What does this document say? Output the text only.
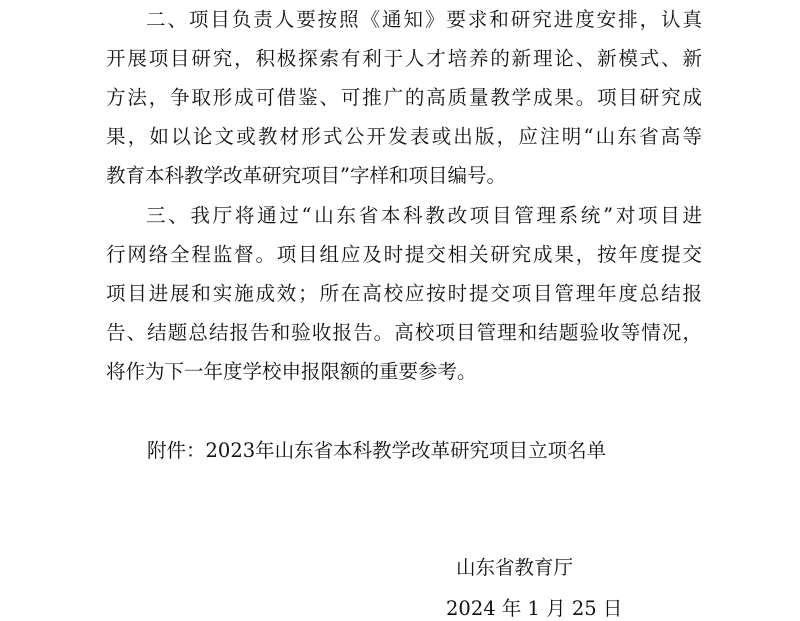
二、项目负责人要按照《通知》要求和研究进度安排，认真
开展项目研究，积极探索有利于人才培养的新理论、新模式、新
方法，争取形成可借鉴、可推广的高质量教学成果。项目研究成
果，如以论文或教材形式公开发表或出版，应注明“山东省高等
教育本科教学改革研究项目”字样和项目编号。
三、我厅将通过“山东省本科教改项目管理系统”对项目进
行网络全程监督。项目组应及时提交相关研究成果，按年度提交
项目进展和实施成效；所在高校应按时提交项目管理年度总结报
告、结题总结报告和验收报告。高校项目管理和结题验收等情况，
将作为下一年度学校申报限额的重要参考。
附件：2023年山东省本科教学改革研究项目立项名单
山东省教育厅
2024 年 1 月 25 日
